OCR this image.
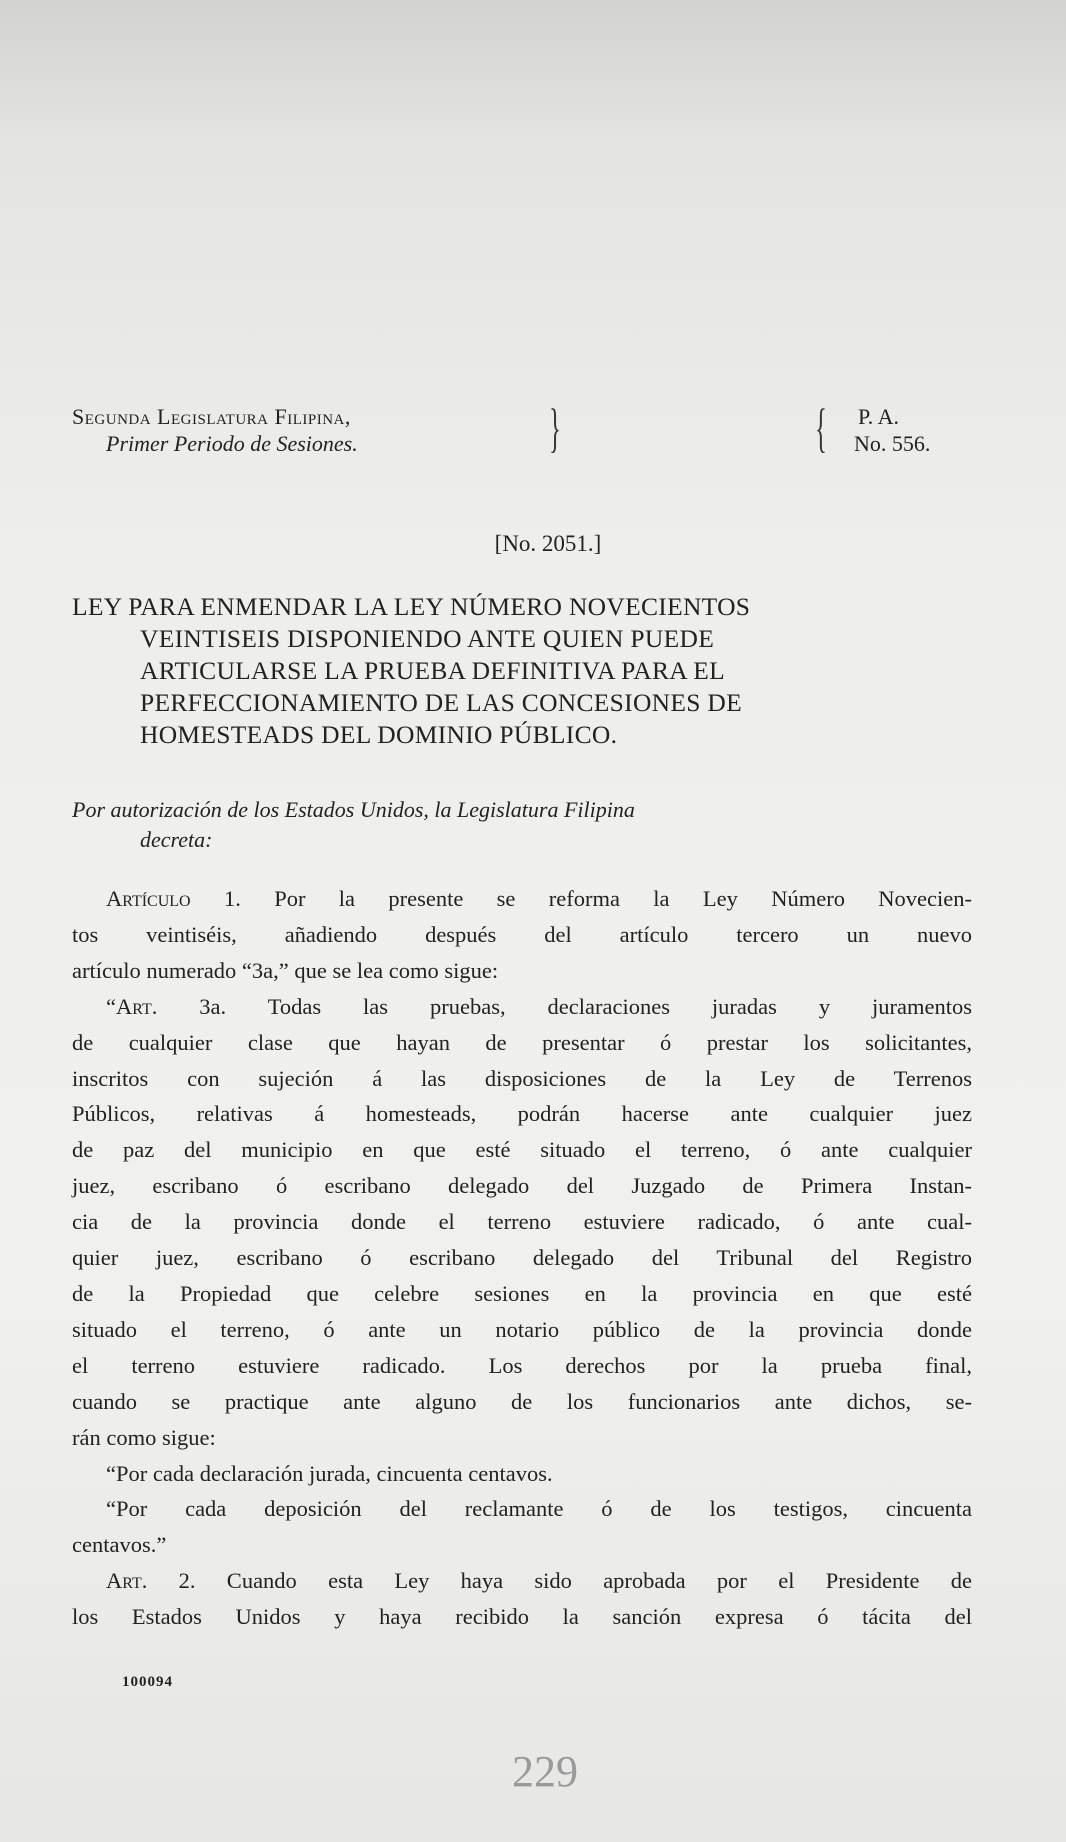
Segunda Legislatura Filipina,
Primer Periodo de Sesiones.	}	{ P. A.
No. 556.
[No. 2051.]
LEY PARA ENMENDAR LA LEY NÚMERO NOVECIENTOS
VEINTISEIS DISPONIENDO ANTE QUIEN PUEDE
ARTICULARSE LA PRUEBA DEFINITIVA PARA EL
PERFECCIONAMIENTO DE LAS CONCESIONES DE
HOMESTEADS DEL DOMINIO PÚBLICO.
Por autorización de los Estados Unidos, la Legislatura Filipina
decreta:
Artículo 1. Por la presente se reforma la Ley Número Novecien-
tos veintiséis, añadiendo después del artículo tercero un nuevo
artículo numerado “3a,” que se lea como sigue:
“Art. 3a. Todas las pruebas, declaraciones juradas y juramentos
de cualquier clase que hayan de presentar ó prestar los solicitantes,
inscritos con sujeción á las disposiciones de la Ley de Terrenos
Públicos, relativas á homesteads, podrán hacerse ante cualquier juez
de paz del municipio en que esté situado el terreno, ó ante cualquier
juez, escribano ó escribano delegado del Juzgado de Primera Instan-
cia de la provincia donde el terreno estuviere radicado, ó ante cual-
quier juez, escribano ó escribano delegado del Tribunal del Registro
de la Propiedad que celebre sesiones en la provincia en que esté
situado el terreno, ó ante un notario público de la provincia donde
el terreno estuviere radicado. Los derechos por la prueba final,
cuando se practique ante alguno de los funcionarios ante dichos, se-
rán como sigue:
“Por cada declaración jurada, cincuenta centavos.
“Por cada deposición del reclamante ó de los testigos, cincuenta
centavos.”
Art. 2. Cuando esta Ley haya sido aprobada por el Presidente de
los Estados Unidos y haya recibido la sanción expresa ó tácita del
100094
229
